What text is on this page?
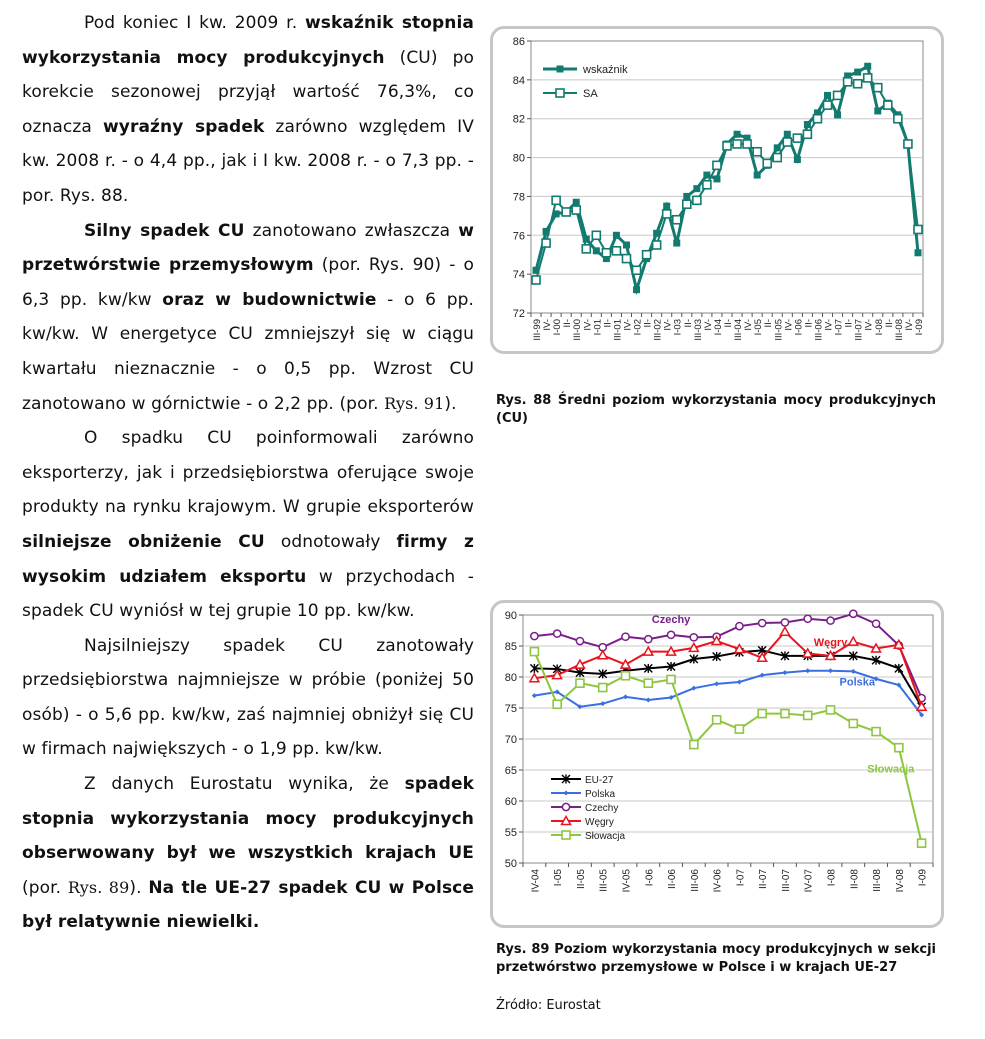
Pod koniec I kw. 2009 r. wskaźnik stopnia wykorzystania mocy produkcyjnych (CU) po korekcie sezonowej przyjął wartość 76,3%, co oznacza wyraźny spadek zarówno względem IV kw. 2008 r. - o 4,4 pp., jak i I kw. 2008 r. - o 7,3 pp. - por. Rys. 88.

Silny spadek CU zanotowano zwłaszcza w przetwórstwie przemysłowym (por. Rys. 90) - o 6,3 pp. kw/kw oraz w budownictwie - o 6 pp. kw/kw. W energetyce CU zmniejszył się w ciągu kwartału nieznacznie - o 0,5 pp. Wzrost CU zanotowano w górnictwie - o 2,2 pp. (por. Rys. 91).

O spadku CU poinformowali zarówno eksporterzy, jak i przedsiębiorstwa oferujące swoje produkty na rynku krajowym. W grupie eksporterów silniejsze obniżenie CU odnotowały firmy z wysokim udziałem eksportu w przychodach - spadek CU wyniósł w tej grupie 10 pp. kw/kw.

Najsilniejszy spadek CU zanotowały przedsiębiorstwa najmniejsze w próbie (poniżej 50 osób) - o 5,6 pp. kw/kw, zaś najmniej obniżył się CU w firmach największych - o 1,9 pp. kw/kw.

Z danych Eurostatu wynika, że spadek stopnia wykorzystania mocy produkcyjnych obserwowany był we wszystkich krajach UE (por. Rys. 89). Na tle UE-27 spadek CU w Polsce był relatywnie niewielki.

72
74
76
78
80
82
84
86
III-99 IV- I-00 II- III-00 IV- I-01 II- III-01 IV- I-02 II- III-02 IV- I-03 II- III-03 IV- I-04 II- III-04 IV- I-05 II- III-05 IV- I-06 II- III-06 IV- I-07 II- III-07 IV- I-08 II- III-08 IV- I-09
wskaźnik
SA
Rys. 88 Średni poziom wykorzystania mocy produkcyjnych (CU)
50
55
60
65
70
75
80
85
90
IV-04 I-05 II-05 III-05 IV-05 I-06 II-06 III-06 IV-06 I-07 II-07 III-07 IV-07 I-08 II-08 III-08 IV-08 I-09
EU-27
Polska
Czechy
Węgry
Słowacja
Czechy
Węgry
Polska
Słowacja
Rys. 89 Poziom wykorzystania mocy produkcyjnych w sekcji przetwórstwo przemysłowe w Polsce i w krajach UE-27
Źródło: Eurostat
